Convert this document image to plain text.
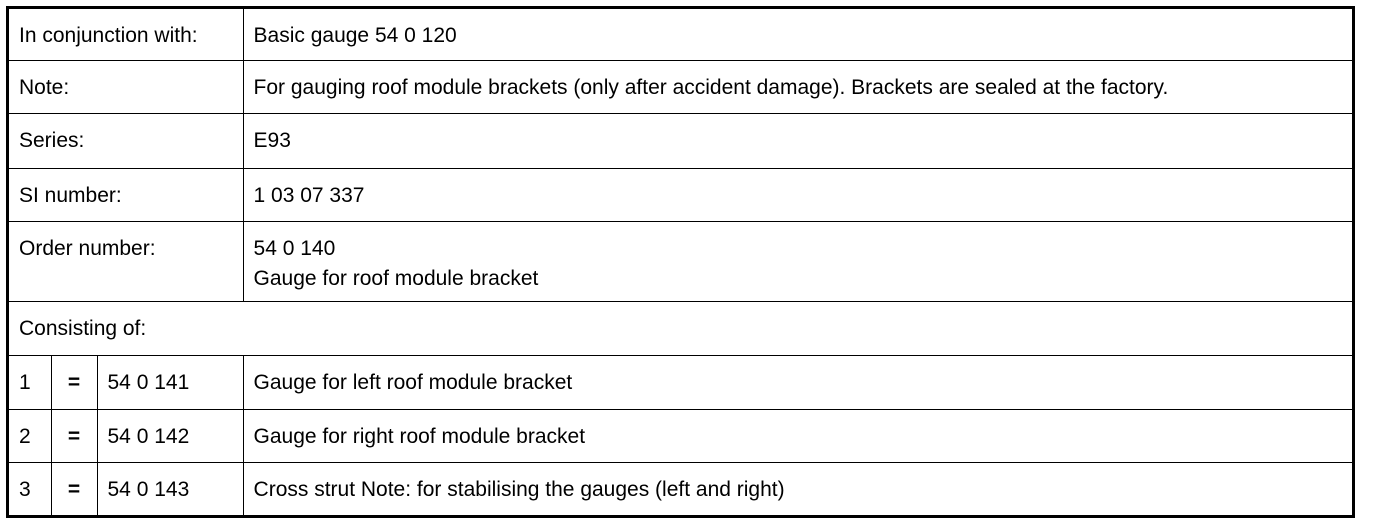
In conjunction with:			Basic gauge 54 0 120
Note:			For gauging roof module brackets (only after accident damage). Brackets are sealed at the factory.
Series:			E93
SI number:			1 03 07 337
Order number:			54 0 140
Gauge for roof module bracket

Consisting of:			
1	=	54 0 141	Gauge for left roof module bracket
2	=	54 0 142	Gauge for right roof module bracket
3	=	54 0 143	Cross strut Note: for stabilising the gauges (left and right)
